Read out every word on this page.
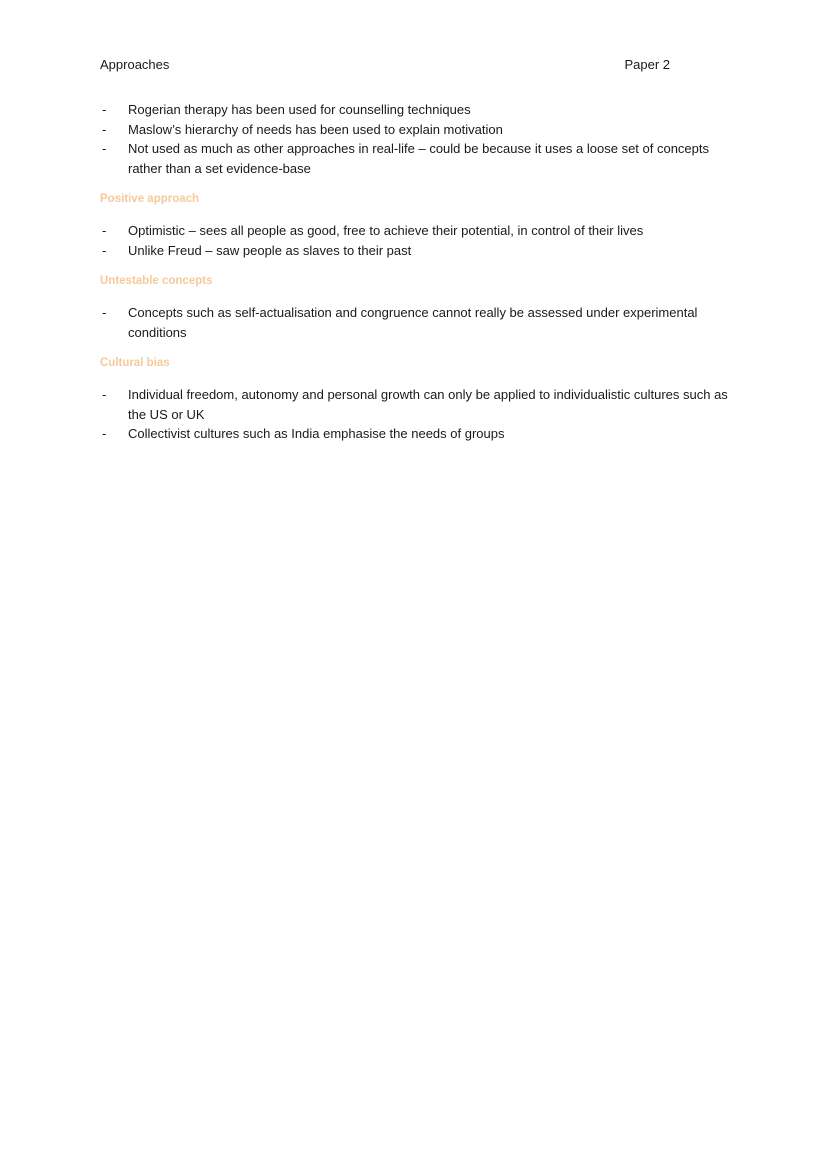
Approaches	Paper 2
- Rogerian therapy has been used for counselling techniques
- Maslow’s hierarchy of needs has been used to explain motivation
- Not used as much as other approaches in real-life – could be because it uses a loose set of concepts rather than a set evidence-base
Positive approach
- Optimistic – sees all people as good, free to achieve their potential, in control of their lives
- Unlike Freud – saw people as slaves to their past
Untestable concepts
- Concepts such as self-actualisation and congruence cannot really be assessed under experimental conditions
Cultural bias
- Individual freedom, autonomy and personal growth can only be applied to individualistic cultures such as the US or UK
- Collectivist cultures such as India emphasise the needs of groups
